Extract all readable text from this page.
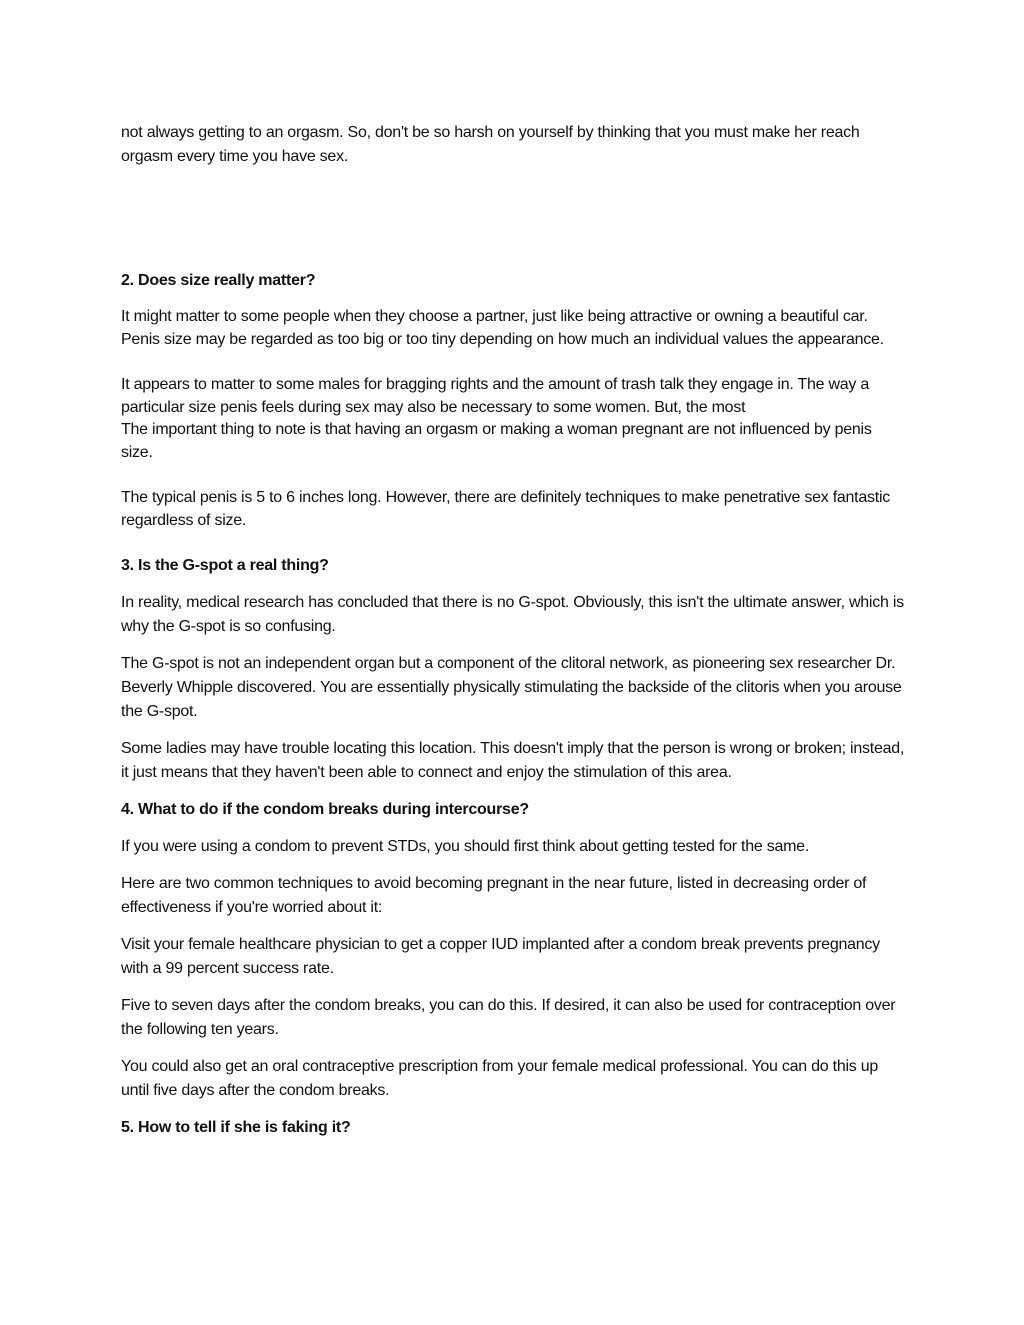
not always getting to an orgasm. So, don't be so harsh on yourself by thinking that you must make her reach orgasm every time you have sex.

2. Does size really matter?

It might matter to some people when they choose a partner, just like being attractive or owning a beautiful car. Penis size may be regarded as too big or too tiny depending on how much an individual values the appearance.

It appears to matter to some males for bragging rights and the amount of trash talk they engage in. The way a particular size penis feels during sex may also be necessary to some women. But, the most
The important thing to note is that having an orgasm or making a woman pregnant are not influenced by penis size.

The typical penis is 5 to 6 inches long. However, there are definitely techniques to make penetrative sex fantastic regardless of size.

3. Is the G-spot a real thing?

In reality, medical research has concluded that there is no G-spot. Obviously, this isn't the ultimate answer, which is why the G-spot is so confusing.

The G-spot is not an independent organ but a component of the clitoral network, as pioneering sex researcher Dr. Beverly Whipple discovered. You are essentially physically stimulating the backside of the clitoris when you arouse the G-spot.

Some ladies may have trouble locating this location. This doesn't imply that the person is wrong or broken; instead, it just means that they haven't been able to connect and enjoy the stimulation of this area.

4. What to do if the condom breaks during intercourse?

If you were using a condom to prevent STDs, you should first think about getting tested for the same.

Here are two common techniques to avoid becoming pregnant in the near future, listed in decreasing order of effectiveness if you're worried about it:

Visit your female healthcare physician to get a copper IUD implanted after a condom break prevents pregnancy with a 99 percent success rate.

Five to seven days after the condom breaks, you can do this. If desired, it can also be used for contraception over the following ten years.

You could also get an oral contraceptive prescription from your female medical professional. You can do this up until five days after the condom breaks.

5. How to tell if she is faking it?
